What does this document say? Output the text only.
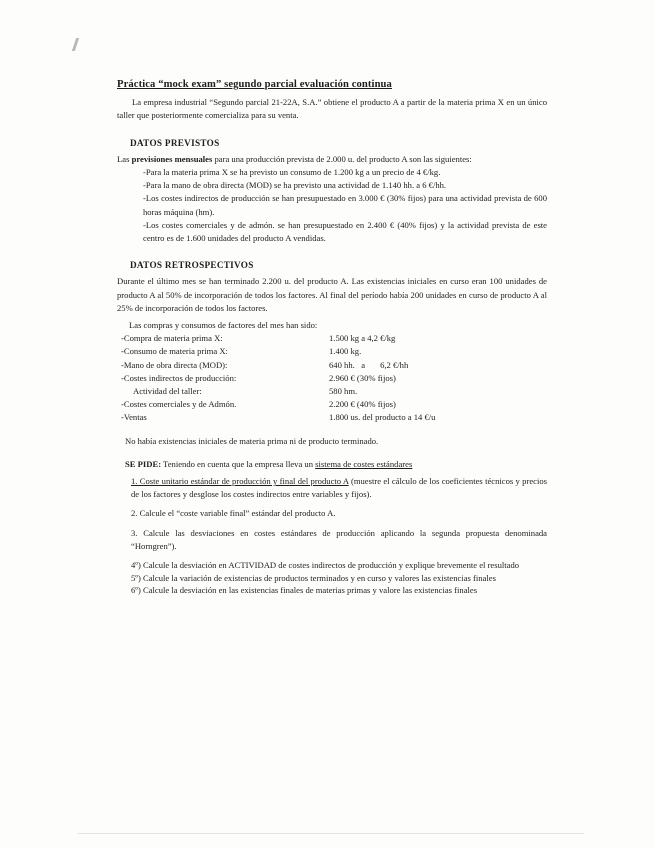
Práctica “mock exam” segundo parcial evaluación continua

La empresa industrial “Segundo parcial 21-22A, S.A.” obtiene el producto A a partir de la materia prima X en un único taller que posteriormente comercializa para su venta.

DATOS PREVISTOS

Las previsiones mensuales para una producción prevista de 2.000 u. del producto A son las siguientes:

-Para la materia prima X se ha previsto un consumo de 1.200 kg a un precio de 4 €/kg.

-Para la mano de obra directa (MOD) se ha previsto una actividad de 1.140 hh. a 6 €/hh.

-Los costes indirectos de producción se han presupuestado en 3.000 € (30% fijos) para una actividad prevista de 600 horas máquina (hm).

-Los costes comerciales y de admón. se han presupuestado en 2.400 € (40% fijos) y la actividad prevista de este centro es de 1.600 unidades del producto A vendidas.

DATOS RETROSPECTIVOS

Durante el último mes se han terminado 2.200 u. del producto A. Las existencias iniciales en curso eran 100 unidades de producto A al 50% de incorporación de todos los factores. Al final del período había 200 unidades en curso de producto A al 25% de incorporación de todos los factores.

Las compras y consumos de factores del mes han sido:
-Compra de materia prima X:	1.500 kg a 4,2 €/kg
-Consumo de materia prima X:	1.400 kg.
-Mano de obra directa (MOD):	640 hh.   a       6,2 €/hh
-Costes indirectos de producción:	2.960 € (30% fijos)
Actividad del taller:	580 hm.
-Costes comerciales y de Admón.	2.200 € (40% fijos)
-Ventas	1.800 us. del producto a 14 €/u

No había existencias iniciales de materia prima ni de producto terminado.

SE PIDE: Teniendo en cuenta que la empresa lleva un sistema de costes estándares

1. Coste unitario estándar de producción y final del producto A (muestre el cálculo de los coeficientes técnicos y precios de los factores y desglose los costes indirectos entre variables y fijos).

2. Calcule el “coste variable final” estándar del producto A.

3. Calcule las desviaciones en costes estándares de producción aplicando la segunda propuesta denominada “Horngren”).

4º) Calcule la desviación en ACTIVIDAD de costes indirectos de producción y explique brevemente el resultado

5º) Calcule la variación de existencias de productos terminados y en curso y valores las existencias finales

6º) Calcule la desviación en las existencias finales de materias primas y valore las existencias finales
